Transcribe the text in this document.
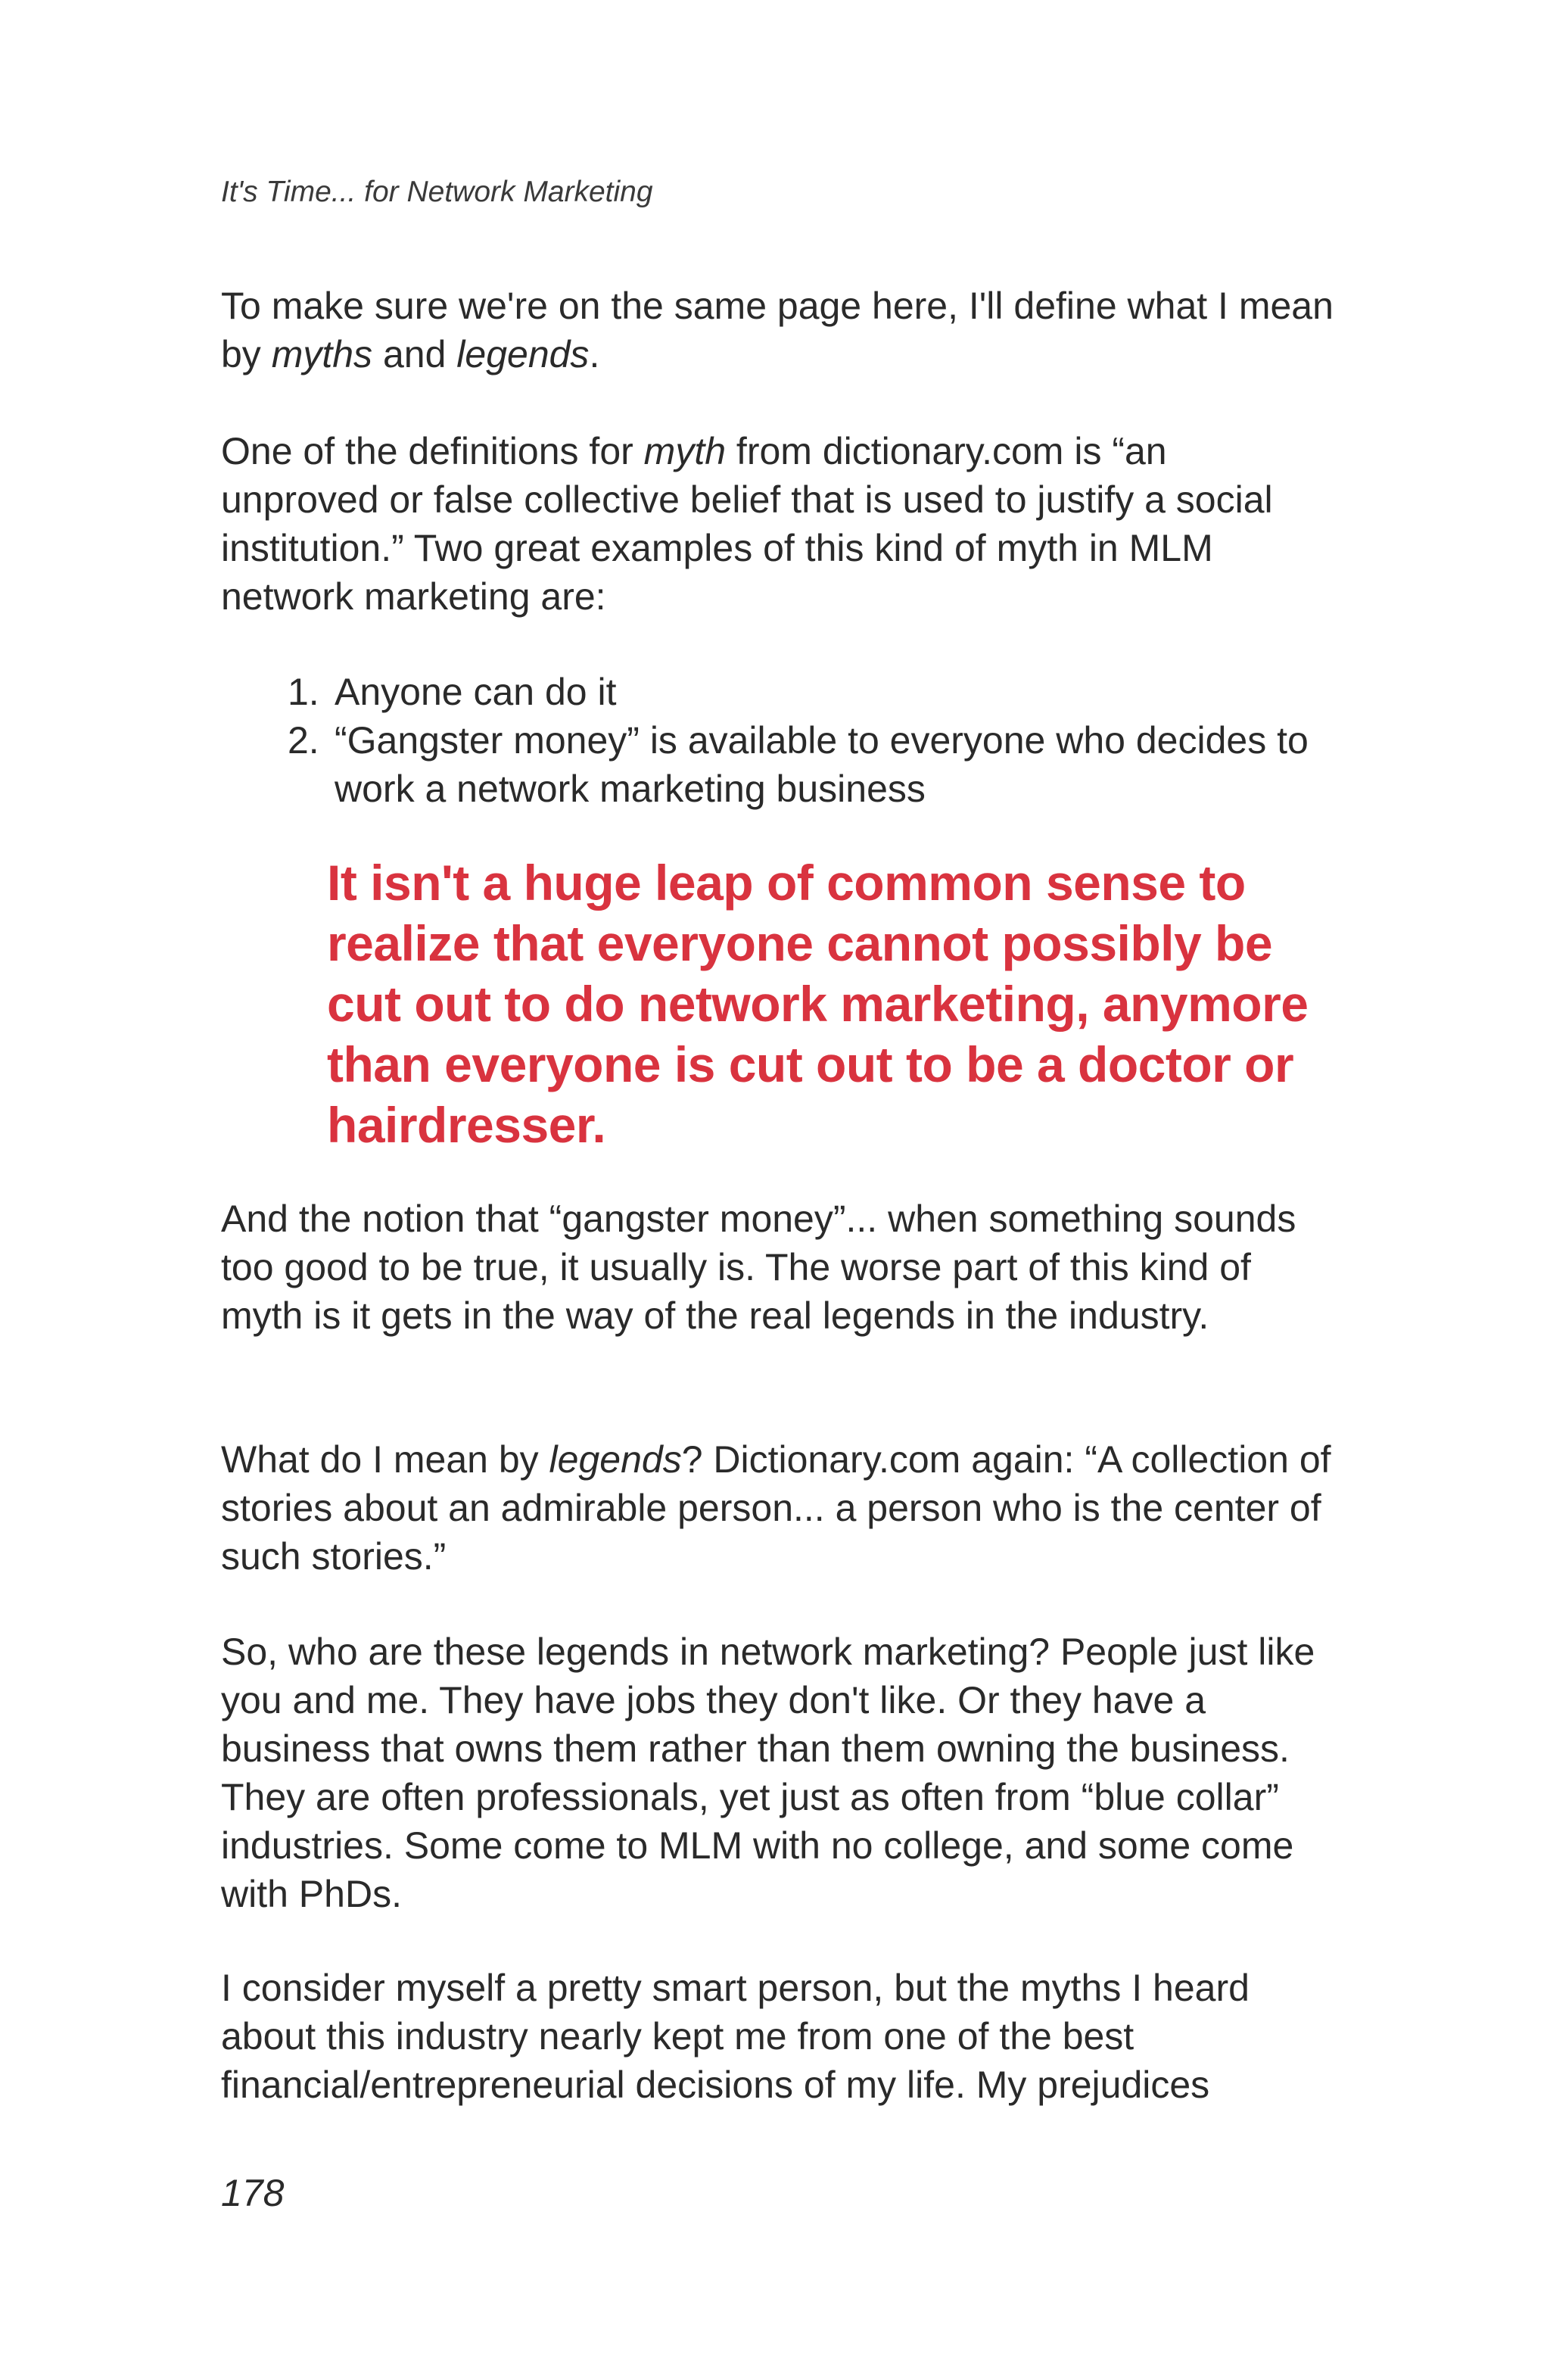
It's Time... for Network Marketing

To make sure we're on the same page here, I'll define what I mean by myths and legends.

One of the definitions for myth from dictionary.com is “an unproved or false collective belief that is used to justify a social institution.” Two great examples of this kind of myth in MLM network marketing are:

1. Anyone can do it
2. “Gangster money” is available to everyone who decides to work a network marketing business

It isn't a huge leap of common sense to realize that everyone cannot possibly be cut out to do network marketing, anymore than everyone is cut out to be a doctor or hairdresser.

And the notion that “gangster money”... when something sounds too good to be true, it usually is. The worse part of this kind of myth is it gets in the way of the real legends in the industry.

What do I mean by legends? Dictionary.com again: “A collection of stories about an admirable person... a person who is the center of such stories.”

So, who are these legends in network marketing? People just like you and me. They have jobs they don't like. Or they have a business that owns them rather than them owning the business. They are often professionals, yet just as often from “blue collar” industries. Some come to MLM with no college, and some come with PhDs.

I consider myself a pretty smart person, but the myths I heard about this industry nearly kept me from one of the best financial/entrepreneurial decisions of my life. My prejudices

178
